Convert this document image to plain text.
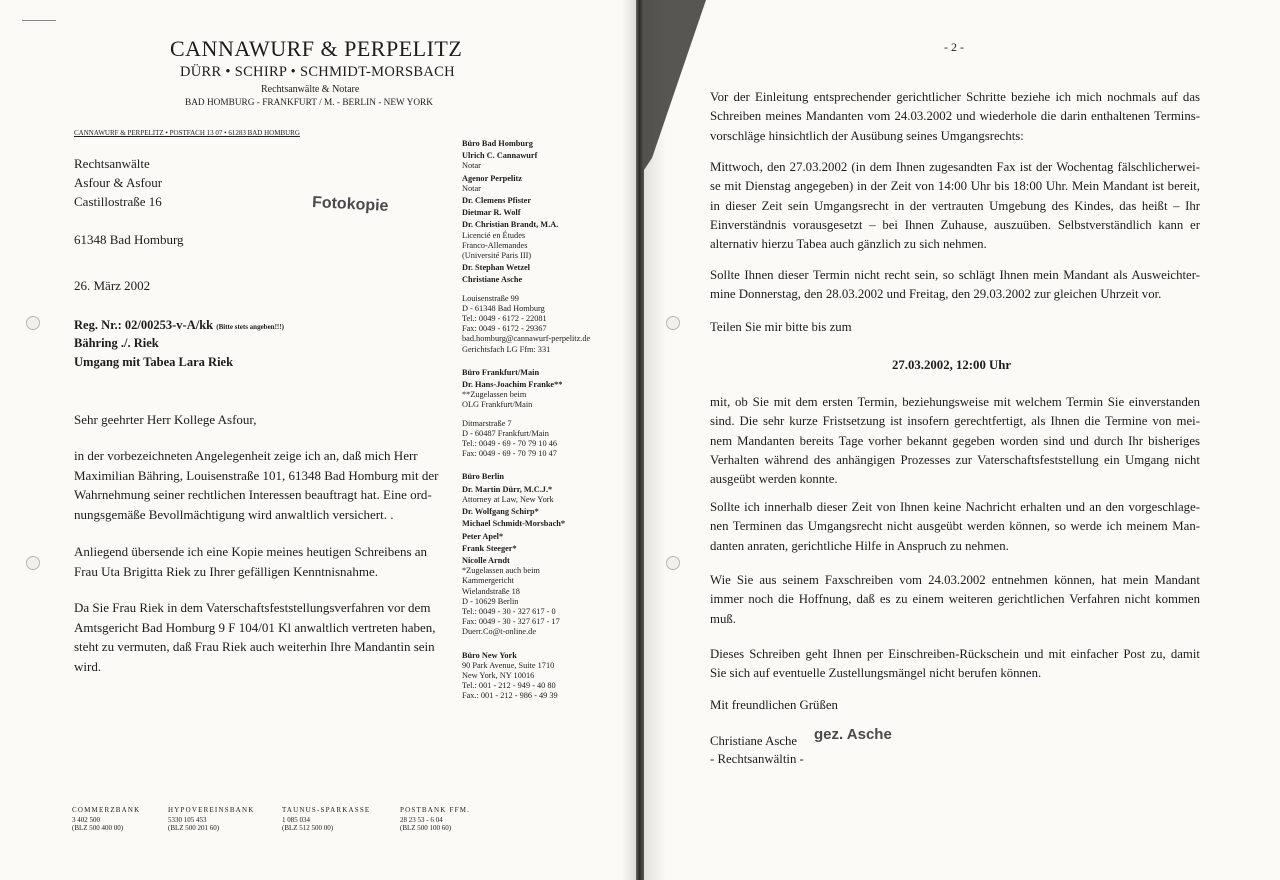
CANNAWURF & PERPELITZ
DÜRR • SCHIRP • SCHMIDT-MORSBACH
Rechtsanwälte & Notare
BAD HOMBURG - FRANKFURT / M. - BERLIN - NEW YORK
CANNAWURF & PERPELITZ • POSTFACH 13 07 • 61283 BAD HOMBURG
Rechtsanwälte
Asfour & Asfour
Castillostraße 16
61348 Bad Homburg
Fotokopie
26. März 2002
Reg. Nr.: 02/00253-v-A/kk (Bitte stets angeben!!!)
Bähring ./. Riek
Umgang mit Tabea Lara Riek
Sehr geehrter Herr Kollege Asfour,
in der vorbezeichneten Angelegenheit zeige ich an, daß mich Herr
Maximilian Bähring, Louisenstraße 101, 61348 Bad Homburg mit der
Wahrnehmung seiner rechtlichen Interessen beauftragt hat. Eine ord-
nungsgemäße Bevollmächtigung wird anwaltlich versichert. .
Anliegend übersende ich eine Kopie meines heutigen Schreibens an
Frau Uta Brigitta Riek zu Ihrer gefälligen Kenntnisnahme.
Da Sie Frau Riek in dem Vaterschaftsfeststellungsverfahren vor dem
Amtsgericht Bad Homburg 9 F 104/01 Kl anwaltlich vertreten haben,
steht zu vermuten, daß Frau Riek auch weiterhin Ihre Mandantin sein
wird.
Büro Bad Homburg
Ulrich C. Cannawurf
Notar
Agenor Perpelitz
Notar
Dr. Clemens Pfister
Dietmar R. Wolf
Dr. Christian Brandt, M.A.
Licencié en Études
Franco-Allemandes
(Université Paris III)
Dr. Stephan Wetzel
Christiane Asche
Louisenstraße 99
D - 61348 Bad Homburg
Tel.: 0049 - 6172 - 22081
Fax: 0049 - 6172 - 29367
bad.homburg@cannawurf-perpelitz.de
Gerichtsfach LG Ffm: 331
Büro Frankfurt/Main
Dr. Hans-Joachim Franke**
**Zugelassen beim
OLG Frankfurt/Main
Ditmarstraße 7
D - 60487 Frankfurt/Main
Tel.: 0049 - 69 - 70 79 10 46
Fax: 0049 - 69 - 70 79 10 47
Büro Berlin
Dr. Martin Dürr, M.C.J.*
Attorney at Law, New York
Dr. Wolfgang Schirp*
Michael Schmidt-Morsbach*
Peter Apel*
Frank Steeger*
Nicolle Arndt
*Zugelassen auch beim
Kammergericht
Wielandstraße 18
D - 10629 Berlin
Tel.: 0049 - 30 - 327 617 - 0
Fax: 0049 - 30 - 327 617 - 17
Duerr.Co@t-online.de
Büro New York
90 Park Avenue, Suite 1710
New York, NY 10016
Tel.: 001 - 212 - 949 - 40 80
Fax.: 001 - 212 - 986 - 49 39
COMMERZBANK
3 402 500
(BLZ 500 400 00)
HYPOVEREINSBANK
5330 105 453
(BLZ 500 201 60)
TAUNUS-SPARKASSE
1 085 034
(BLZ 512 500 00)
POSTBANK FFM.
28 23 53 - 6 04
(BLZ 500 100 60)
- 2 -

Vor der Einleitung entsprechender gerichtlicher Schritte beziehe ich mich nochmals auf das

Schreiben meines Mandanten vom 24.03.2002 und wiederhole die darin enthaltenen Termins-

vorschläge hinsichtlich der Ausübung seines Umgangsrechts:

Mittwoch, den 27.03.2002 (in dem Ihnen zugesandten Fax ist der Wochentag fälschlicherwei-

se mit Dienstag angegeben) in der Zeit von 14:00 Uhr bis 18:00 Uhr. Mein Mandant ist bereit,

in dieser Zeit sein Umgangsrecht in der vertrauten Umgebung des Kindes, das heißt – Ihr

Einverständnis vorausgesetzt – bei Ihnen Zuhause, auszuüben. Selbstverständlich kann er

alternativ hierzu Tabea auch gänzlich zu sich nehmen.

Sollte Ihnen dieser Termin nicht recht sein, so schlägt Ihnen mein Mandant als Ausweichter-

mine Donnerstag, den 28.03.2002 und Freitag, den 29.03.2002 zur gleichen Uhrzeit vor.

Teilen Sie mir bitte bis zum

27.03.2002, 12:00 Uhr

mit, ob Sie mit dem ersten Termin, beziehungsweise mit welchem Termin Sie einverstanden

sind. Die sehr kurze Fristsetzung ist insofern gerechtfertigt, als Ihnen die Termine von mei-

nem Mandanten bereits Tage vorher bekannt gegeben worden sind und durch Ihr bisheriges

Verhalten während des anhängigen Prozesses zur Vaterschaftsfeststellung ein Umgang nicht

ausgeübt werden konnte.

Sollte ich innerhalb dieser Zeit von Ihnen keine Nachricht erhalten und an den vorgeschlage-

nen Terminen das Umgangsrecht nicht ausgeübt werden können, so werde ich meinem Man-

danten anraten, gerichtliche Hilfe in Anspruch zu nehmen.

Wie Sie aus seinem Faxschreiben vom 24.03.2002 entnehmen können, hat mein Mandant

immer noch die Hoffnung, daß es zu einem weiteren gerichtlichen Verfahren nicht kommen

muß.

Dieses Schreiben geht Ihnen per Einschreiben-Rückschein und mit einfacher Post zu, damit

Sie sich auf eventuelle Zustellungsmängel nicht berufen können.

Mit freundlichen Grüßen
Christiane Asche gez. Asche
- Rechtsanwältin -
